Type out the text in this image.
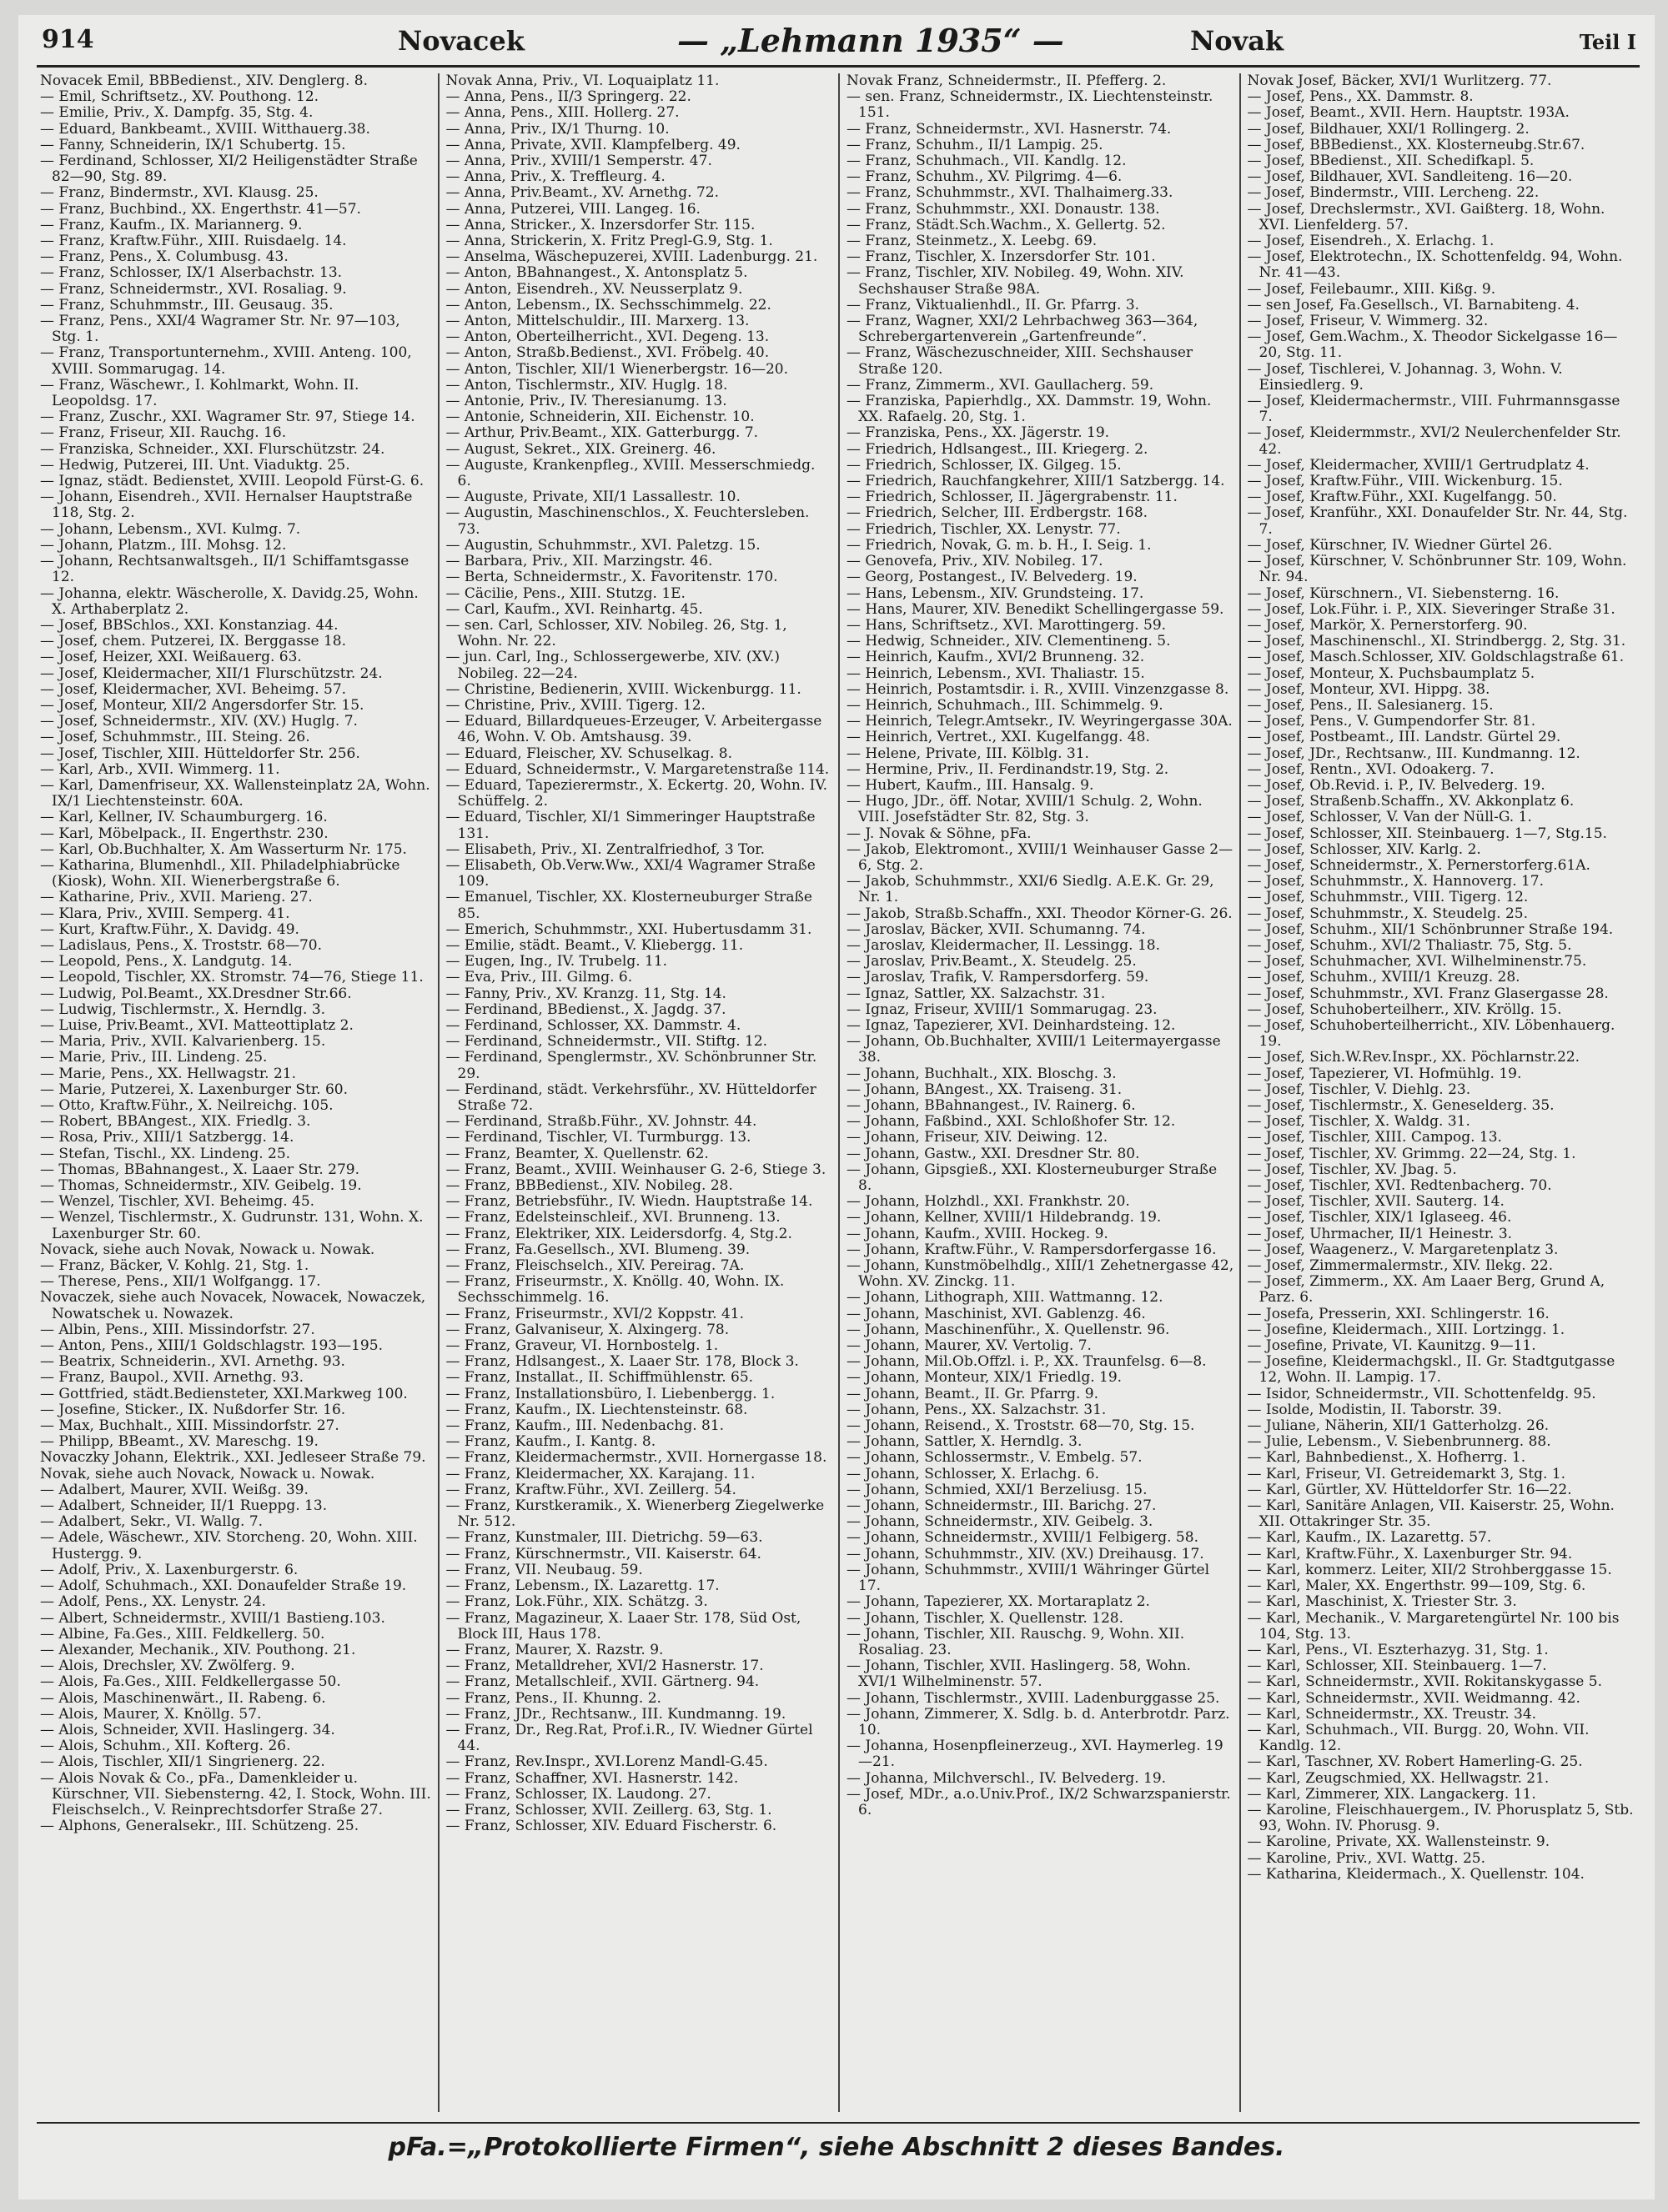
914	Novacek	— „Lehmann 1935“ —	Novak	Teil I
Novacek Emil, BBBedienst., XIV. Denglerg. 8.
— Emil, Schriftsetz., XV. Pouthong. 12.
— Emilie, Priv., X. Dampfg. 35, Stg. 4.
— Eduard, Bankbeamt., XVIII. Witthauerg.38.
— Fanny, Schneiderin, IX/1 Schubertg. 15.
— Ferdinand, Schlosser, XI/2 Heiligenstädter Straße 82—90, Stg. 89.
— Franz, Bindermstr., XVI. Klausg. 25.
— Franz, Buchbind., XX. Engerthstr. 41—57.
— Franz, Kaufm., IX. Mariannerg. 9.
— Franz, Kraftw.Führ., XIII. Ruisdaelg. 14.
— Franz, Pens., X. Columbusg. 43.
— Franz, Schlosser, IX/1 Alserbachstr. 13.
— Franz, Schneidermstr., XVI. Rosaliag. 9.
— Franz, Schuhmmstr., III. Geusaug. 35.
— Franz, Pens., XXI/4 Wagramer Str. Nr. 97—103, Stg. 1.
— Franz, Transportunternehm., XVIII. Anteng. 100, XVIII. Sommarugag. 14.
— Franz, Wäschewr., I. Kohlmarkt, Wohn. II. Leopoldsg. 17.
— Franz, Zuschr., XXI. Wagramer Str. 97, Stiege 14.
— Franz, Friseur, XII. Rauchg. 16.
— Franziska, Schneider., XXI. Flurschützstr. 24.
— Hedwig, Putzerei, III. Unt. Viaduktg. 25.
— Ignaz, städt. Bedienstet, XVIII. Leopold Fürst-G. 6.
— Johann, Eisendreh., XVII. Hernalser Hauptstraße 118, Stg. 2.
— Johann, Lebensm., XVI. Kulmg. 7.
— Johann, Platzm., III. Mohsg. 12.
— Johann, Rechtsanwaltsgeh., II/1 Schiffamtsgasse 12.
— Johanna, elektr. Wäscherolle, X. Davidg.25, Wohn. X. Arthaberplatz 2.
— Josef, BBSchlos., XXI. Konstanziag. 44.
— Josef, chem. Putzerei, IX. Berggasse 18.
— Josef, Heizer, XXI. Weißauerg. 63.
— Josef, Kleidermacher, XII/1 Flurschützstr. 24.
— Josef, Kleidermacher, XVI. Beheimg. 57.
— Josef, Monteur, XII/2 Angersdorfer Str. 15.
— Josef, Schneidermstr., XIV. (XV.) Huglg. 7.
— Josef, Schuhmmstr., III. Steing. 26.
— Josef, Tischler, XIII. Hütteldorfer Str. 256.
— Karl, Arb., XVII. Wimmerg. 11.
— Karl, Damenfriseur, XX. Wallensteinplatz 2A, Wohn. IX/1 Liechtensteinstr. 60A.
— Karl, Kellner, IV. Schaumburgerg. 16.
— Karl, Möbelpack., II. Engerthstr. 230.
— Karl, Ob.Buchhalter, X. Am Wasserturm Nr. 175.
— Katharina, Blumenhdl., XII. Philadelphiabrücke (Kiosk), Wohn. XII. Wienerbergstraße 6.
— Katharine, Priv., XVII. Marieng. 27.
— Klara, Priv., XVIII. Semperg. 41.
— Kurt, Kraftw.Führ., X. Davidg. 49.
— Ladislaus, Pens., X. Troststr. 68—70.
— Leopold, Pens., X. Landgutg. 14.
— Leopold, Tischler, XX. Stromstr. 74—76, Stiege 11.
— Ludwig, Pol.Beamt., XX.Dresdner Str.66.
— Ludwig, Tischlermstr., X. Herndlg. 3.
— Luise, Priv.Beamt., XVI. Matteottiplatz 2.
— Maria, Priv., XVII. Kalvarienberg. 15.
— Marie, Priv., III. Lindeng. 25.
— Marie, Pens., XX. Hellwagstr. 21.
— Marie, Putzerei, X. Laxenburger Str. 60.
— Otto, Kraftw.Führ., X. Neilreichg. 105.
— Robert, BBAngest., XIX. Friedlg. 3.
— Rosa, Priv., XIII/1 Satzbergg. 14.
— Stefan, Tischl., XX. Lindeng. 25.
— Thomas, BBahnangest., X. Laaer Str. 279.
— Thomas, Schneidermstr., XIV. Geibelg. 19.
— Wenzel, Tischler, XVI. Beheimg. 45.
— Wenzel, Tischlermstr., X. Gudrunstr. 131, Wohn. X. Laxenburger Str. 60.
Novack, siehe auch Novak, Nowack u. Nowak.
— Franz, Bäcker, V. Kohlg. 21, Stg. 1.
— Therese, Pens., XII/1 Wolfgangg. 17.
Novaczek, siehe auch Novacek, Nowacek, Nowaczek, Nowatschek u. Nowazek.
— Albin, Pens., XIII. Missindorfstr. 27.
— Anton, Pens., XIII/1 Goldschlagstr. 193—195.
— Beatrix, Schneiderin., XVI. Arnethg. 93.
— Franz, Baupol., XVII. Arnethg. 93.
— Gottfried, städt.Bediensteter, XXI.Markweg 100.
— Josefine, Sticker., IX. Nußdorfer Str. 16.
— Max, Buchhalt., XIII. Missindorfstr. 27.
— Philipp, BBeamt., XV. Mareschg. 19.
Novaczky Johann, Elektrik., XXI. Jedleseer Straße 79.
Novak, siehe auch Novack, Nowack u. Nowak.
— Adalbert, Maurer, XVII. Weißg. 39.
— Adalbert, Schneider, II/1 Rueppg. 13.
— Adalbert, Sekr., VI. Wallg. 7.
— Adele, Wäschewr., XIV. Storcheng. 20, Wohn. XIII. Hustergg. 9.
— Adolf, Priv., X. Laxenburgerstr. 6.
— Adolf, Schuhmach., XXI. Donaufelder Straße 19.
— Adolf, Pens., XX. Lenystr. 24.
— Albert, Schneidermstr., XVIII/1 Bastieng.103.
— Albine, Fa.Ges., XIII. Feldkellerg. 50.
— Alexander, Mechanik., XIV. Pouthong. 21.
— Alois, Drechsler, XV. Zwölferg. 9.
— Alois, Fa.Ges., XIII. Feldkellergasse 50.
— Alois, Maschinenwärt., II. Rabeng. 6.
— Alois, Maurer, X. Knöllg. 57.
— Alois, Schneider, XVII. Haslingerg. 34.
— Alois, Schuhm., XII. Kofterg. 26.
— Alois, Tischler, XII/1 Singrienerg. 22.
— Alois Novak & Co., pFa., Damenkleider u. Kürschner, VII. Siebensterng. 42, I. Stock, Wohn. III. Fleischselch., V. Reinprechtsdorfer Straße 27.
— Alphons, Generalsekr., III. Schützeng. 25.
Novak Anna, Priv., VI. Loquaiplatz 11.
— Anna, Pens., II/3 Springerg. 22.
— Anna, Pens., XIII. Hollerg. 27.
— Anna, Priv., IX/1 Thurng. 10.
— Anna, Private, XVII. Klampfelberg. 49.
— Anna, Priv., XVIII/1 Semperstr. 47.
— Anna, Priv., X. Treffleurg. 4.
— Anna, Priv.Beamt., XV. Arnethg. 72.
— Anna, Putzerei, VIII. Langeg. 16.
— Anna, Stricker., X. Inzersdorfer Str. 115.
— Anna, Strickerin, X. Fritz Pregl-G.9, Stg. 1.
— Anselma, Wäschepuzerei, XVIII. Ladenburgg. 21.
— Anton, BBahnangest., X. Antonsplatz 5.
— Anton, Eisendreh., XV. Neusserplatz 9.
— Anton, Lebensm., IX. Sechsschimmelg. 22.
— Anton, Mittelschuldir., III. Marxerg. 13.
— Anton, Oberteilherricht., XVI. Degeng. 13.
— Anton, Straßb.Bedienst., XVI. Fröbelg. 40.
— Anton, Tischler, XII/1 Wienerbergstr. 16—20.
— Anton, Tischlermstr., XIV. Huglg. 18.
— Antonie, Priv., IV. Theresianumg. 13.
— Antonie, Schneiderin, XII. Eichenstr. 10.
— Arthur, Priv.Beamt., XIX. Gatterburgg. 7.
— August, Sekret., XIX. Greinerg. 46.
— Auguste, Krankenpfleg., XVIII. Messerschmiedg. 6.
— Auguste, Private, XII/1 Lassallestr. 10.
— Augustin, Maschinenschlos., X. Feuchtersleben. 73.
— Augustin, Schuhmmstr., XVI. Paletzg. 15.
— Barbara, Priv., XII. Marzingstr. 46.
— Berta, Schneidermstr., X. Favoritenstr. 170.
— Cäcilie, Pens., XIII. Stutzg. 1E.
— Carl, Kaufm., XVI. Reinhartg. 45.
— sen. Carl, Schlosser, XIV. Nobileg. 26, Stg. 1, Wohn. Nr. 22.
— jun. Carl, Ing., Schlossergewerbe, XIV. (XV.) Nobileg. 22—24.
— Christine, Bedienerin, XVIII. Wickenburgg. 11.
— Christine, Priv., XVIII. Tigerg. 12.
— Eduard, Billardqueues-Erzeuger, V. Arbeitergasse 46, Wohn. V. Ob. Amtshausg. 39.
— Eduard, Fleischer, XV. Schuselkag. 8.
— Eduard, Schneidermstr., V. Margaretenstraße 114.
— Eduard, Tapezierermstr., X. Eckertg. 20, Wohn. IV. Schüffelg. 2.
— Eduard, Tischler, XI/1 Simmeringer Hauptstraße 131.
— Elisabeth, Priv., XI. Zentralfriedhof, 3 Tor.
— Elisabeth, Ob.Verw.Ww., XXI/4 Wagramer Straße 109.
— Emanuel, Tischler, XX. Klosterneuburger Straße 85.
— Emerich, Schuhmmstr., XXI. Hubertusdamm 31.
— Emilie, städt. Beamt., V. Kliebergg. 11.
— Eugen, Ing., IV. Trubelg. 11.
— Eva, Priv., III. Gilmg. 6.
— Fanny, Priv., XV. Kranzg. 11, Stg. 14.
— Ferdinand, BBedienst., X. Jagdg. 37.
— Ferdinand, Schlosser, XX. Dammstr. 4.
— Ferdinand, Schneidermstr., VII. Stiftg. 12.
— Ferdinand, Spenglermstr., XV. Schönbrunner Str. 29.
— Ferdinand, städt. Verkehrsführ., XV. Hütteldorfer Straße 72.
— Ferdinand, Straßb.Führ., XV. Johnstr. 44.
— Ferdinand, Tischler, VI. Turmburgg. 13.
— Franz, Beamter, X. Quellenstr. 62.
— Franz, Beamt., XVIII. Weinhauser G. 2-6, Stiege 3.
— Franz, BBBedienst., XIV. Nobileg. 28.
— Franz, Betriebsführ., IV. Wiedn. Hauptstraße 14.
— Franz, Edelsteinschleif., XVI. Brunneng. 13.
— Franz, Elektriker, XIX. Leidersdorfg. 4, Stg.2.
— Franz, Fa.Gesellsch., XVI. Blumeng. 39.
— Franz, Fleischselch., XIV. Pereirag. 7A.
— Franz, Friseurmstr., X. Knöllg. 40, Wohn. IX. Sechsschimmelg. 16.
— Franz, Friseurmstr., XVI/2 Koppstr. 41.
— Franz, Galvaniseur, X. Alxingerg. 78.
— Franz, Graveur, VI. Hornbostelg. 1.
— Franz, Hdlsangest., X. Laaer Str. 178, Block 3.
— Franz, Installat., II. Schiffmühlenstr. 65.
— Franz, Installationsbüro, I. Liebenbergg. 1.
— Franz, Kaufm., IX. Liechtensteinstr. 68.
— Franz, Kaufm., III. Nedenbachg. 81.
— Franz, Kaufm., I. Kantg. 8.
— Franz, Kleidermachermstr., XVII. Hornergasse 18.
— Franz, Kleidermacher, XX. Karajang. 11.
— Franz, Kraftw.Führ., XVI. Zeillerg. 54.
— Franz, Kurstkeramik., X. Wienerberg Ziegelwerke Nr. 512.
— Franz, Kunstmaler, III. Dietrichg. 59—63.
— Franz, Kürschnermstr., VII. Kaiserstr. 64.
— Franz, VII. Neubaug. 59.
— Franz, Lebensm., IX. Lazarettg. 17.
— Franz, Lok.Führ., XIX. Schätzg. 3.
— Franz, Magazineur, X. Laaer Str. 178, Süd Ost, Block III, Haus 178.
— Franz, Maurer, X. Razstr. 9.
— Franz, Metalldreher, XVI/2 Hasnerstr. 17.
— Franz, Metallschleif., XVII. Gärtnerg. 94.
— Franz, Pens., II. Khunng. 2.
— Franz, JDr., Rechtsanw., III. Kundmanng. 19.
— Franz, Dr., Reg.Rat, Prof.i.R., IV. Wiedner Gürtel 44.
— Franz, Rev.Inspr., XVI.Lorenz Mandl-G.45.
— Franz, Schaffner, XVI. Hasnerstr. 142.
— Franz, Schlosser, IX. Laudong. 27.
— Franz, Schlosser, XVII. Zeillerg. 63, Stg. 1.
— Franz, Schlosser, XIV. Eduard Fischerstr. 6.
Novak Franz, Schneidermstr., II. Pfefferg. 2.
— sen. Franz, Schneidermstr., IX. Liechtensteinstr. 151.
— Franz, Schneidermstr., XVI. Hasnerstr. 74.
— Franz, Schuhm., II/1 Lampig. 25.
— Franz, Schuhmach., VII. Kandlg. 12.
— Franz, Schuhm., XV. Pilgrimg. 4—6.
— Franz, Schuhmmstr., XVI. Thalhaimerg.33.
— Franz, Schuhmmstr., XXI. Donaustr. 138.
— Franz, Städt.Sch.Wachm., X. Gellertg. 52.
— Franz, Steinmetz., X. Leebg. 69.
— Franz, Tischler, X. Inzersdorfer Str. 101.
— Franz, Tischler, XIV. Nobileg. 49, Wohn. XIV. Sechshauser Straße 98A.
— Franz, Viktualienhdl., II. Gr. Pfarrg. 3.
— Franz, Wagner, XXI/2 Lehrbachweg 363—364, Schrebergartenverein „Gartenfreunde“.
— Franz, Wäschezuschneider, XIII. Sechshauser Straße 120.
— Franz, Zimmerm., XVI. Gaullacherg. 59.
— Franziska, Papierhdlg., XX. Dammstr. 19, Wohn. XX. Rafaelg. 20, Stg. 1.
— Franziska, Pens., XX. Jägerstr. 19.
— Friedrich, Hdlsangest., III. Kriegerg. 2.
— Friedrich, Schlosser, IX. Gilgeg. 15.
— Friedrich, Rauchfangkehrer, XIII/1 Satzbergg. 14.
— Friedrich, Schlosser, II. Jägergrabenstr. 11.
— Friedrich, Selcher, III. Erdbergstr. 168.
— Friedrich, Tischler, XX. Lenystr. 77.
— Friedrich, Novak, G. m. b. H., I. Seig. 1.
— Genovefa, Priv., XIV. Nobileg. 17.
— Georg, Postangest., IV. Belvederg. 19.
— Hans, Lebensm., XIV. Grundsteing. 17.
— Hans, Maurer, XIV. Benedikt Schellingergasse 59.
— Hans, Schriftsetz., XVI. Marottingerg. 59.
— Hedwig, Schneider., XIV. Clementineng. 5.
— Heinrich, Kaufm., XVI/2 Brunneng. 32.
— Heinrich, Lebensm., XVI. Thaliastr. 15.
— Heinrich, Postamtsdir. i. R., XVIII. Vinzenzgasse 8.
— Heinrich, Schuhmach., III. Schimmelg. 9.
— Heinrich, Telegr.Amtsekr., IV. Weyringergasse 30A.
— Heinrich, Vertret., XXI. Kugelfangg. 48.
— Helene, Private, III. Kölblg. 31.
— Hermine, Priv., II. Ferdinandstr.19, Stg. 2.
— Hubert, Kaufm., III. Hansalg. 9.
— Hugo, JDr., öff. Notar, XVIII/1 Schulg. 2, Wohn. VIII. Josefstädter Str. 82, Stg. 3.
— J. Novak & Söhne, pFa.
— Jakob, Elektromont., XVIII/1 Weinhauser Gasse 2—6, Stg. 2.
— Jakob, Schuhmmstr., XXI/6 Siedlg. A.E.K. Gr. 29, Nr. 1.
— Jakob, Straßb.Schaffn., XXI. Theodor Körner-G. 26.
— Jaroslav, Bäcker, XVII. Schumanng. 74.
— Jaroslav, Kleidermacher, II. Lessingg. 18.
— Jaroslav, Priv.Beamt., X. Steudelg. 25.
— Jaroslav, Trafik, V. Rampersdorferg. 59.
— Ignaz, Sattler, XX. Salzachstr. 31.
— Ignaz, Friseur, XVIII/1 Sommarugag. 23.
— Ignaz, Tapezierer, XVI. Deinhardsteing. 12.
— Johann, Ob.Buchhalter, XVIII/1 Leitermayergasse 38.
— Johann, Buchhalt., XIX. Bloschg. 3.
— Johann, BAngest., XX. Traiseng. 31.
— Johann, BBahnangest., IV. Rainerg. 6.
— Johann, Faßbind., XXI. Schloßhofer Str. 12.
— Johann, Friseur, XIV. Deiwing. 12.
— Johann, Gastw., XXI. Dresdner Str. 80.
— Johann, Gipsgieß., XXI. Klosterneuburger Straße 8.
— Johann, Holzhdl., XXI. Frankhstr. 20.
— Johann, Kellner, XVIII/1 Hildebrandg. 19.
— Johann, Kaufm., XVIII. Hockeg. 9.
— Johann, Kraftw.Führ., V. Rampersdorfergasse 16.
— Johann, Kunstmöbelhdlg., XIII/1 Zehetnergasse 42, Wohn. XV. Zinckg. 11.
— Johann, Lithograph, XIII. Wattmanng. 12.
— Johann, Maschinist, XVI. Gablenzg. 46.
— Johann, Maschinenführ., X. Quellenstr. 96.
— Johann, Maurer, XV. Vertolig. 7.
— Johann, Mil.Ob.Offzl. i. P., XX. Traunfelsg. 6—8.
— Johann, Monteur, XIX/1 Friedlg. 19.
— Johann, Beamt., II. Gr. Pfarrg. 9.
— Johann, Pens., XX. Salzachstr. 31.
— Johann, Reisend., X. Troststr. 68—70, Stg. 15.
— Johann, Sattler, X. Herndlg. 3.
— Johann, Schlossermstr., V. Embelg. 57.
— Johann, Schlosser, X. Erlachg. 6.
— Johann, Schmied, XXI/1 Berzeliusg. 15.
— Johann, Schneidermstr., III. Barichg. 27.
— Johann, Schneidermstr., XIV. Geibelg. 3.
— Johann, Schneidermstr., XVIII/1 Felbigerg. 58.
— Johann, Schuhmmstr., XIV. (XV.) Dreihausg. 17.
— Johann, Schuhmmstr., XVIII/1 Währinger Gürtel 17.
— Johann, Tapezierer, XX. Mortaraplatz 2.
— Johann, Tischler, X. Quellenstr. 128.
— Johann, Tischler, XII. Rauschg. 9, Wohn. XII. Rosaliag. 23.
— Johann, Tischler, XVII. Haslingerg. 58, Wohn. XVI/1 Wilhelminenstr. 57.
— Johann, Tischlermstr., XVIII. Ladenburggasse 25.
— Johann, Zimmerer, X. Sdlg. b. d. Anterbrotdr. Parz. 10.
— Johanna, Hosenpfleinerzeug., XVI. Haymerleg. 19—21.
— Johanna, Milchverschl., IV. Belvederg. 19.
— Josef, MDr., a.o.Univ.Prof., IX/2 Schwarzspanierstr. 6.
Novak Josef, Bäcker, XVI/1 Wurlitzerg. 77.
— Josef, Pens., XX. Dammstr. 8.
— Josef, Beamt., XVII. Hern. Hauptstr. 193A.
— Josef, Bildhauer, XXI/1 Rollingerg. 2.
— Josef, BBBedienst., XX. Klosterneubg.Str.67.
— Josef, BBedienst., XII. Schedifkapl. 5.
— Josef, Bildhauer, XVI. Sandleiteng. 16—20.
— Josef, Bindermstr., VIII. Lercheng. 22.
— Josef, Drechslermstr., XVI. Gaißterg. 18, Wohn. XVI. Lienfelderg. 57.
— Josef, Eisendreh., X. Erlachg. 1.
— Josef, Elektrotechn., IX. Schottenfeldg. 94, Wohn. Nr. 41—43.
— Josef, Feilebaumr., XIII. Kißg. 9.
— sen Josef, Fa.Gesellsch., VI. Barnabiteng. 4.
— Josef, Friseur, V. Wimmerg. 32.
— Josef, Gem.Wachm., X. Theodor Sickelgasse 16—20, Stg. 11.
— Josef, Tischlerei, V. Johannag. 3, Wohn. V. Einsiedlerg. 9.
— Josef, Kleidermachermstr., VIII. Fuhrmannsgasse 7.
— Josef, Kleidermmstr., XVI/2 Neulerchenfelder Str. 42.
— Josef, Kleidermacher, XVIII/1 Gertrudplatz 4.
— Josef, Kraftw.Führ., VIII. Wickenburg. 15.
— Josef, Kraftw.Führ., XXI. Kugelfangg. 50.
— Josef, Kranführ., XXI. Donaufelder Str. Nr. 44, Stg. 7.
— Josef, Kürschner, IV. Wiedner Gürtel 26.
— Josef, Kürschner, V. Schönbrunner Str. 109, Wohn. Nr. 94.
— Josef, Kürschnern., VI. Siebensterng. 16.
— Josef, Lok.Führ. i. P., XIX. Sieveringer Straße 31.
— Josef, Markör, X. Pernerstorferg. 90.
— Josef, Maschinenschl., XI. Strindbergg. 2, Stg. 31.
— Josef, Masch.Schlosser, XIV. Goldschlagstraße 61.
— Josef, Monteur, X. Puchsbaumplatz 5.
— Josef, Monteur, XVI. Hippg. 38.
— Josef, Pens., II. Salesianerg. 15.
— Josef, Pens., V. Gumpendorfer Str. 81.
— Josef, Postbeamt., III. Landstr. Gürtel 29.
— Josef, JDr., Rechtsanw., III. Kundmanng. 12.
— Josef, Rentn., XVI. Odoakerg. 7.
— Josef, Ob.Revid. i. P., IV. Belvederg. 19.
— Josef, Straßenb.Schaffn., XV. Akkonplatz 6.
— Josef, Schlosser, V. Van der Nüll-G. 1.
— Josef, Schlosser, XII. Steinbauerg. 1—7, Stg.15.
— Josef, Schlosser, XIV. Karlg. 2.
— Josef, Schneidermstr., X. Pernerstorferg.61A.
— Josef, Schuhmmstr., X. Hannoverg. 17.
— Josef, Schuhmmstr., VIII. Tigerg. 12.
— Josef, Schuhmmstr., X. Steudelg. 25.
— Josef, Schuhm., XII/1 Schönbrunner Straße 194.
— Josef, Schuhm., XVI/2 Thaliastr. 75, Stg. 5.
— Josef, Schuhmacher, XVI. Wilhelminenstr.75.
— Josef, Schuhm., XVIII/1 Kreuzg. 28.
— Josef, Schuhmmstr., XVI. Franz Glasergasse 28.
— Josef, Schuhoberteilherr., XIV. Kröllg. 15.
— Josef, Schuhoberteilherricht., XIV. Löbenhauerg. 19.
— Josef, Sich.W.Rev.Inspr., XX. Pöchlarnstr.22.
— Josef, Tapezierer, VI. Hofmühlg. 19.
— Josef, Tischler, V. Diehlg. 23.
— Josef, Tischlermstr., X. Geneselderg. 35.
— Josef, Tischler, X. Waldg. 31.
— Josef, Tischler, XIII. Campog. 13.
— Josef, Tischler, XV. Grimmg. 22—24, Stg. 1.
— Josef, Tischler, XV. Jbag. 5.
— Josef, Tischler, XVI. Redtenbacherg. 70.
— Josef, Tischler, XVII. Sauterg. 14.
— Josef, Tischler, XIX/1 Iglaseeg. 46.
— Josef, Uhrmacher, II/1 Heinestr. 3.
— Josef, Waagenerz., V. Margaretenplatz 3.
— Josef, Zimmermalermstr., XIV. Ilekg. 22.
— Josef, Zimmerm., XX. Am Laaer Berg, Grund A, Parz. 6.
— Josefa, Presserin, XXI. Schlingerstr. 16.
— Josefine, Kleidermach., XIII. Lortzingg. 1.
— Josefine, Private, VI. Kaunitzg. 9—11.
— Josefine, Kleidermachgskl., II. Gr. Stadtgutgasse 12, Wohn. II. Lampig. 17.
— Isidor, Schneidermstr., VII. Schottenfeldg. 95.
— Isolde, Modistin, II. Taborstr. 39.
— Juliane, Näherin, XII/1 Gatterholzg. 26.
— Julie, Lebensm., V. Siebenbrunnerg. 88.
— Karl, Bahnbedienst., X. Hofherrg. 1.
— Karl, Friseur, VI. Getreidemarkt 3, Stg. 1.
— Karl, Gürtler, XV. Hütteldorfer Str. 16—22.
— Karl, Sanitäre Anlagen, VII. Kaiserstr. 25, Wohn. XII. Ottakringer Str. 35.
— Karl, Kaufm., IX. Lazarettg. 57.
— Karl, Kraftw.Führ., X. Laxenburger Str. 94.
— Karl, kommerz. Leiter, XII/2 Strohberggasse 15.
— Karl, Maler, XX. Engerthstr. 99—109, Stg. 6.
— Karl, Maschinist, X. Triester Str. 3.
— Karl, Mechanik., V. Margaretengürtel Nr. 100 bis 104, Stg. 13.
— Karl, Pens., VI. Eszterhazyg. 31, Stg. 1.
— Karl, Schlosser, XII. Steinbauerg. 1—7.
— Karl, Schneidermstr., XVII. Rokitanskygasse 5.
— Karl, Schneidermstr., XVII. Weidmanng. 42.
— Karl, Schneidermstr., XX. Treustr. 34.
— Karl, Schuhmach., VII. Burgg. 20, Wohn. VII. Kandlg. 12.
— Karl, Taschner, XV. Robert Hamerling-G. 25.
— Karl, Zeugschmied, XX. Hellwagstr. 21.
— Karl, Zimmerer, XIX. Langackerg. 11.
— Karoline, Fleischhauergem., IV. Phorusplatz 5, Stb. 93, Wohn. IV. Phorusg. 9.
— Karoline, Private, XX. Wallensteinstr. 9.
— Karoline, Priv., XVI. Wattg. 25.
— Katharina, Kleidermach., X. Quellenstr. 104.
pFa.=„Protokollierte Firmen“, siehe Abschnitt 2 dieses Bandes.
